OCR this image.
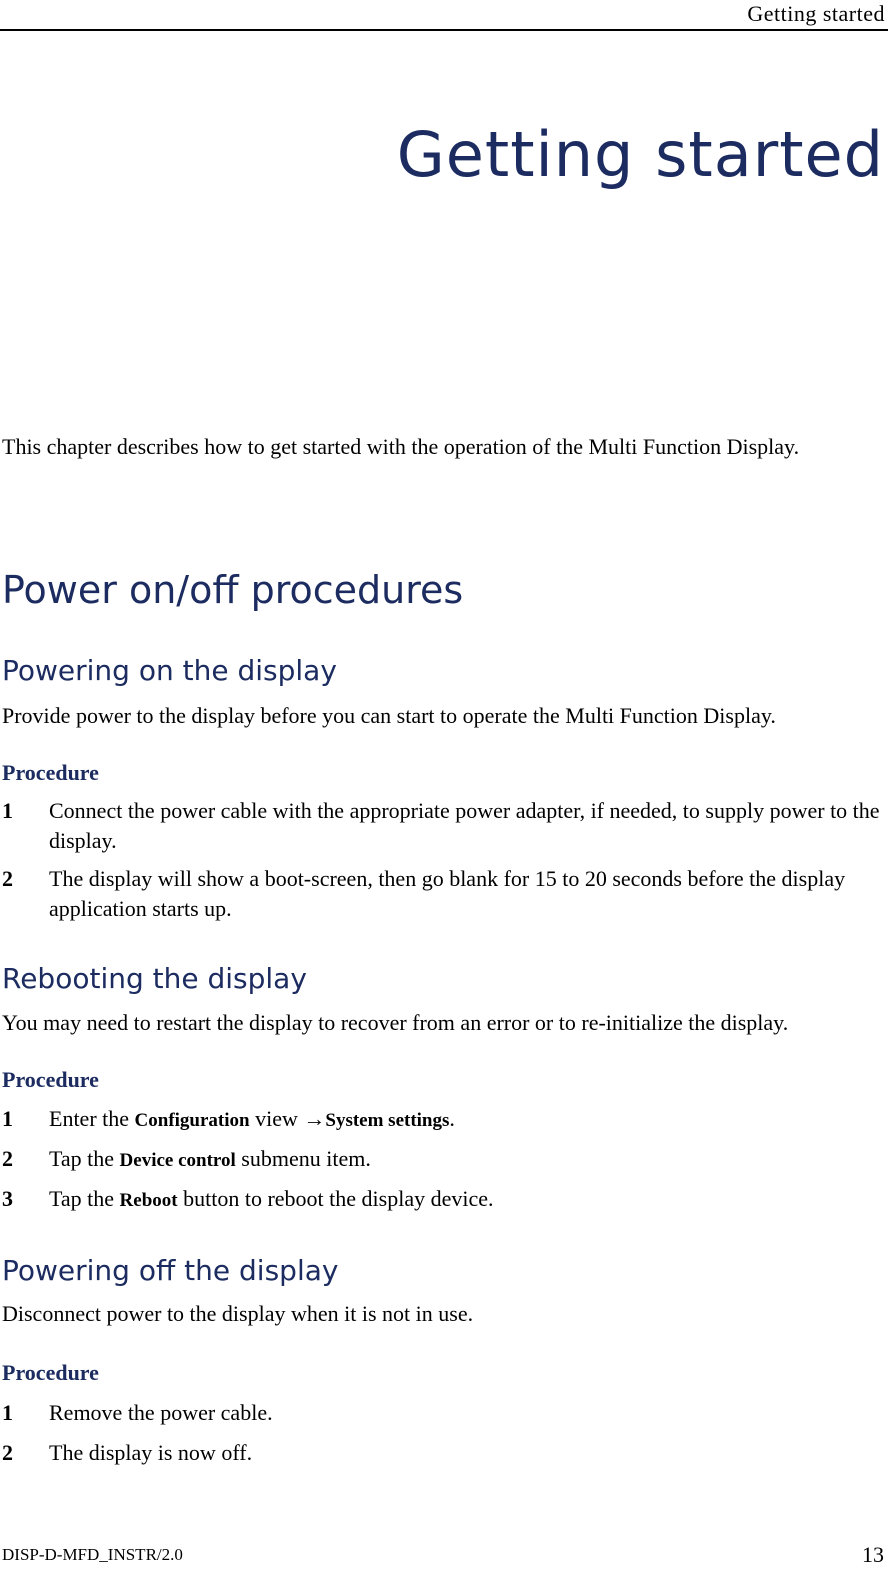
Getting started
Getting started

This chapter describes how to get started with the operation of the Multi Function Display.

Power on/off procedures
Powering on the display

Provide power to the display before you can start to operate the Multi Function Display.

Procedure

1 Connect the power cable with the appropriate power adapter, if needed, to supply power to the display.
2 The display will show a boot-screen, then go blank for 15 to 20 seconds before the display application starts up.
Rebooting the display

You may need to restart the display to recover from an error or to re-initialize the display.

Procedure

1 Enter the Configuration view →System settings.
2 Tap the Device control submenu item.
3 Tap the Reboot button to reboot the display device.
Powering off the display

Disconnect power to the display when it is not in use.

Procedure

1 Remove the power cable.
2 The display is now off.
DISP-D-MFD_INSTR/2.0	13
